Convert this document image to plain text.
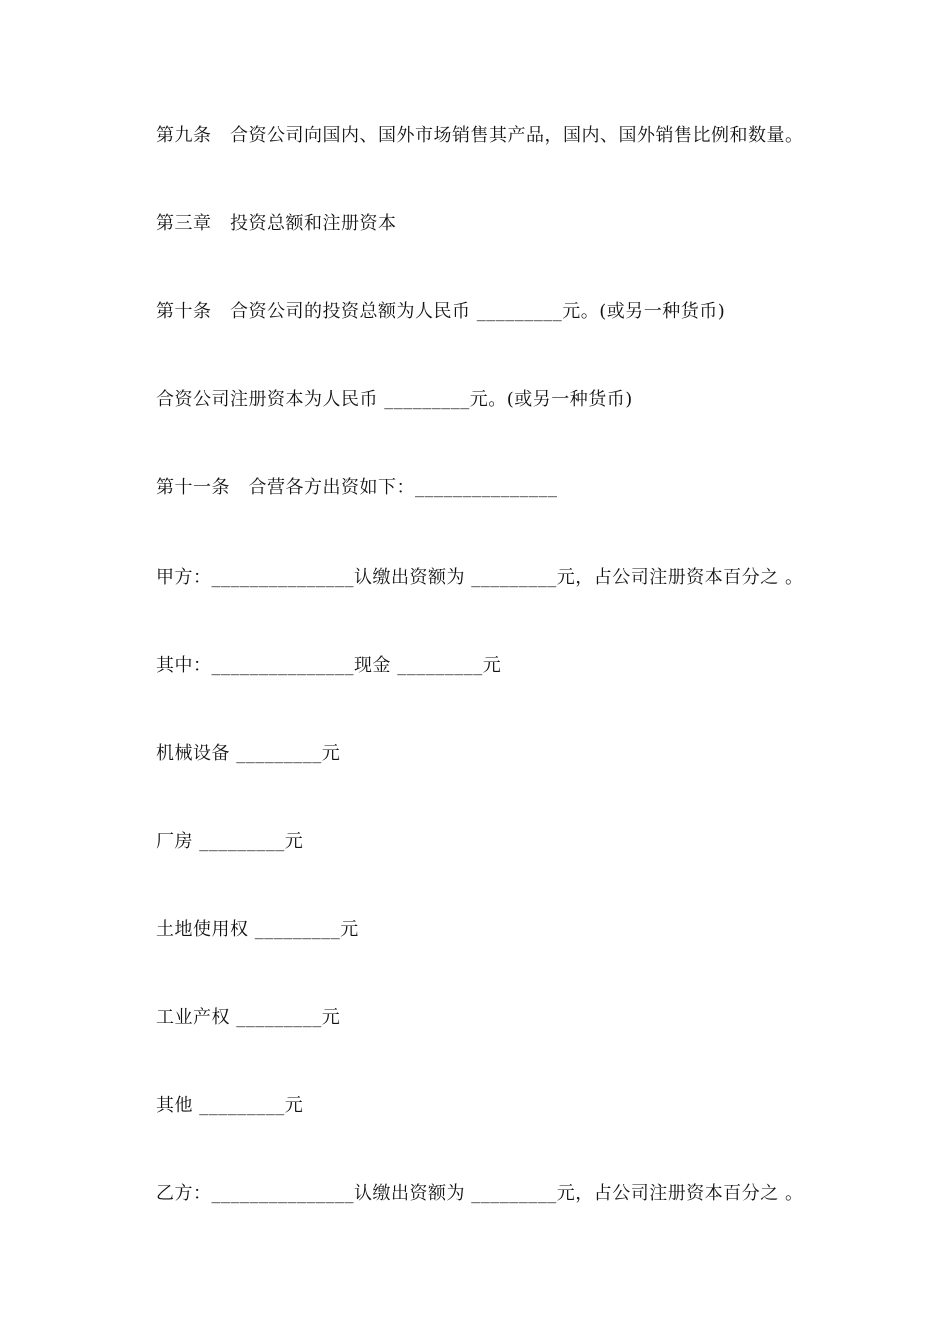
第九条　合资公司向国内、国外市场销售其产品，国内、国外销售比例和数量。
第三章　投资总额和注册资本
第十条　合资公司的投资总额为人民币 _________元。(或另一种货币)
合资公司注册资本为人民币 _________元。(或另一种货币)
第十一条　合营各方出资如下：_______________
甲方：_______________认缴出资额为 _________元，占公司注册资本百分之 。
其中：_______________现金 _________元
机械设备 _________元
厂房 _________元
土地使用权 _________元
工业产权 _________元
其他 _________元
乙方：_______________认缴出资额为 _________元，占公司注册资本百分之 。
